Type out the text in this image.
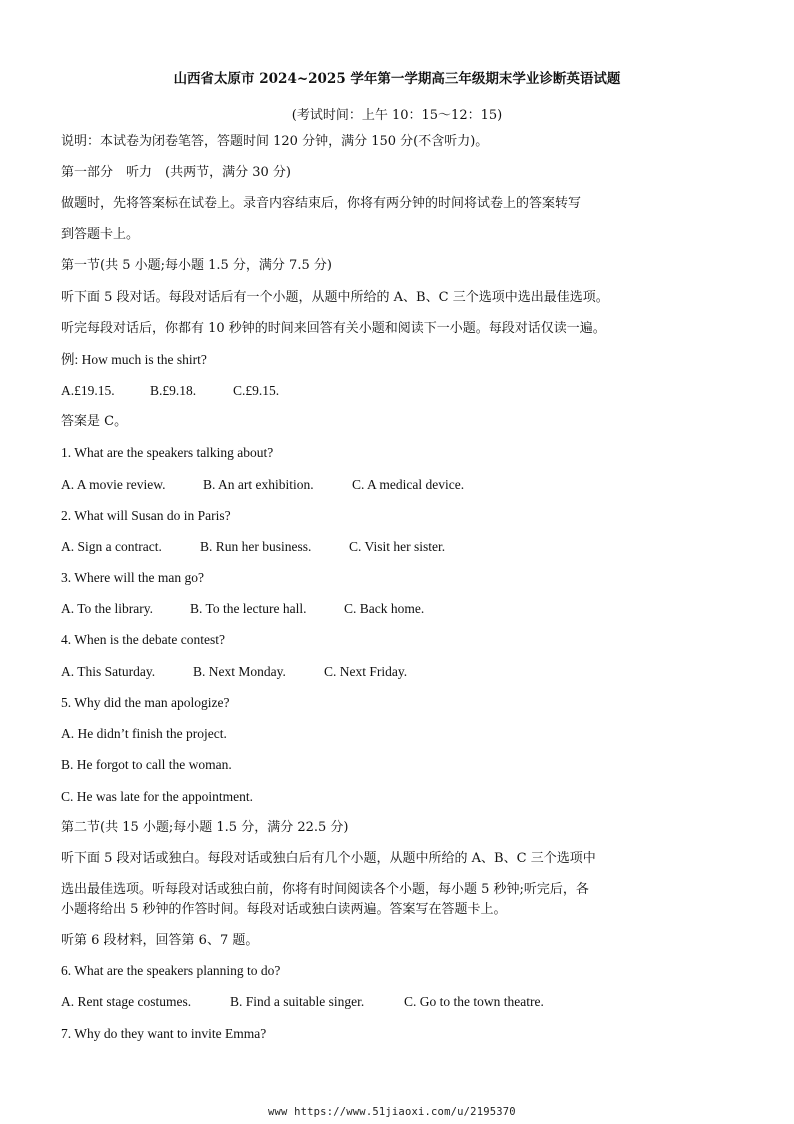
山西省太原市 2024~2025 学年第一学期高三年级期末学业诊断英语试题
(考试时间：上午 10：15～12：15)
说明：本试卷为闭卷笔答，答题时间 120 分钟，满分 150 分(不含听力)。
第一部分　听力　(共两节，满分 30 分)
做题时，先将答案标在试卷上。录音内容结束后，你将有两分钟的时间将试卷上的答案转写
到答题卡上。
第一节(共 5 小题;每小题 1.5 分，满分 7.5 分)
听下面 5 段对话。每段对话后有一个小题，从题中所给的 A、B、C 三个选项中选出最佳选项。
听完每段对话后，你都有 10 秒钟的时间来回答有关小题和阅读下一小题。每段对话仅读一遍。
例: How much is the shirt?
A.£19.15.	B.£9.18.	C.£9.15.
答案是 C。
1. What are the speakers talking about?
A. A movie review.	B. An art exhibition.	C. A medical device.
2. What will Susan do in Paris?
A. Sign a contract.	B. Run her business.	C. Visit her sister.
3. Where will the man go?
A. To the library.	B. To the lecture hall.	C. Back home.
4. When is the debate contest?
A. This Saturday.	B. Next Monday.	C. Next Friday.
5. Why did the man apologize?
A. He didn’t finish the project.
B. He forgot to call the woman.
C. He was late for the appointment.
第二节(共 15 小题;每小题 1.5 分，满分 22.5 分)
听下面 5 段对话或独白。每段对话或独白后有几个小题，从题中所给的 A、B、C 三个选项中
选出最佳选项。听每段对话或独白前，你将有时间阅读各个小题，每小题 5 秒钟;听完后，各
小题将给出 5 秒钟的作答时间。每段对话或独白读两遍。答案写在答题卡上。
听第 6 段材料，回答第 6、7 题。
6. What are the speakers planning to do?
A. Rent stage costumes.	B. Find a suitable singer.	C. Go to the town theatre.
7. Why do they want to invite Emma?
www https://www.51jiaoxi.com/u/2195370
